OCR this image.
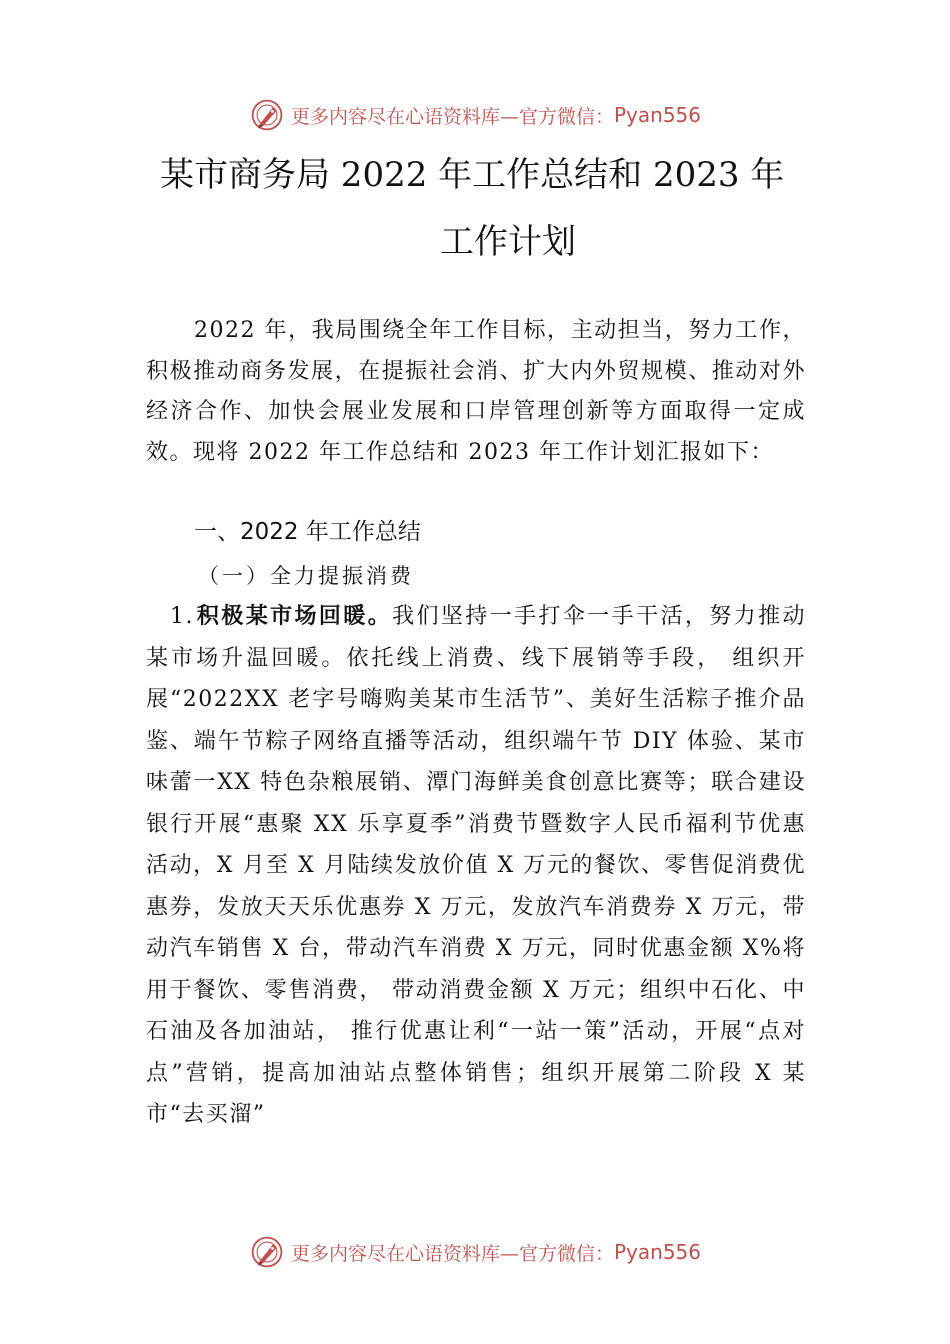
更多内容尽在心语资料库— 官方微信： Pyan556
某市商务局 2022 年工作总结和 2023 年
工作计划
2022 年，我局围绕全年工作目标，主动担当，努力工作，积极推动商务发展，在提振社会消、扩大内外贸规模、推动对外经济合作、加快会展业发展和口岸管理创新等方面取得一定成效。现将 2022 年工作总结和 2023 年工作计划汇报如下：
一、2022 年工作总结
（一）全力提振消费
1.积极某市场回暖。我们坚持一手打伞一手干活，努力推动某市场升温回暖。依托线上消费、线下展销等手段， 组织开展“2022XX 老字号嗨购美某市生活节”、美好生活粽子推介品鉴、端午节粽子网络直播等活动，组织端午节 DIY 体验、某市味蕾一XX 特色杂粮展销、潭门海鲜美食创意比赛等；联合建设银行开展“惠聚 XX 乐享夏季”消费节暨数字人民币福利节优惠活动，X 月至 X 月陆续发放价值 X 万元的餐饮、零售促消费优惠券，发放天天乐优惠券 X 万元，发放汽车消费券 X 万元，带动汽车销售 X 台，带动汽车消费 X 万元，同时优惠金额 X%将用于餐饮、零售消费， 带动消费金额 X 万元；组织中石化、中石油及各加油站， 推行优惠让利“一站一策”活动，开展“点对点”营销，提高加油站点整体销售；组织开展第二阶段 X 某市“去买溜”
更多内容尽在心语资料库— 官方微信： Pyan556
